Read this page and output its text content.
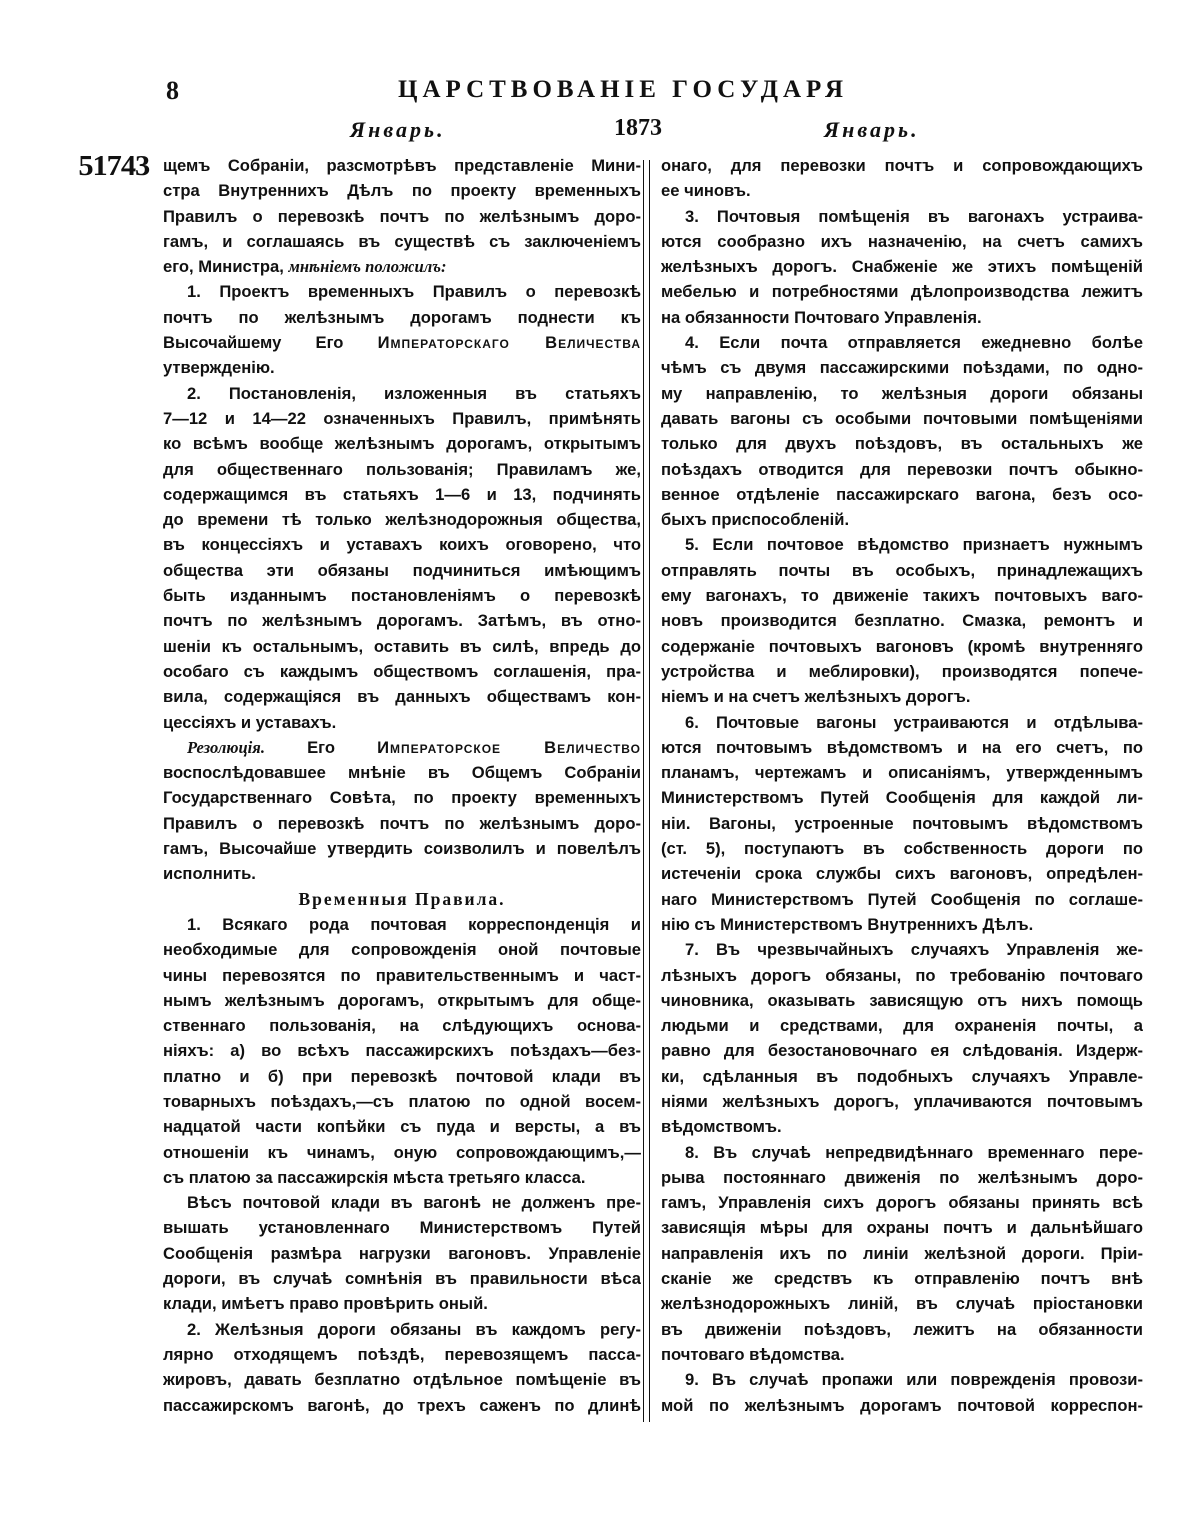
8	ЦАРСТВОВАНІЕ ГОСУДАРЯ
Январь.	1873	Январь.
51743 щемъ Собраніи, разсмотрѣвъ представленіе Мини-
стра Внутреннихъ Дѣлъ по проекту временныхъ
Правилъ о перевозкѣ почтъ по желѣзнымъ доро-
гамъ, и соглашаясь въ существѣ съ заключеніемъ
его, Министра, мнѣніемъ положилъ:
1. Проектъ временныхъ Правилъ о перевозкѣ
почтъ по желѣзнымъ дорогамъ поднести къ
Высочайшему Его Императорскаго Величества
утвержденію.
2. Постановленія, изложенныя въ статьяхъ
7—12 и 14—22 означенныхъ Правилъ, примѣнять
ко всѣмъ вообще желѣзнымъ дорогамъ, открытымъ
для общественнаго пользованія; Правиламъ же,
содержащимся въ статьяхъ 1—6 и 13, подчинять
до времени тѣ только желѣзнодорожныя общества,
въ концессіяхъ и уставахъ коихъ оговорено, что
общества эти обязаны подчиниться имѣющимъ
быть изданнымъ постановленіямъ о перевозкѣ
почтъ по желѣзнымъ дорогамъ. Затѣмъ, въ отно-
шеніи къ остальнымъ, оставить въ силѣ, впредь до
особаго съ каждымъ обществомъ соглашенія, пра-
вила, содержащіяся въ данныхъ обществамъ кон-
цессіяхъ и уставахъ.
Резолюція. Его Императорское Величество
воспослѣдовавшее мнѣніе въ Общемъ Собраніи
Государственнаго Совѣта, по проекту временныхъ
Правилъ о перевозкѣ почтъ по желѣзнымъ доро-
гамъ, Высочайше утвердить соизволилъ и повелѣлъ
исполнить.
Временныя Правила.
1. Всякаго рода почтовая корреспонденція и
необходимые для сопровожденія оной почтовые
чины перевозятся по правительственнымъ и част-
нымъ желѣзнымъ дорогамъ, открытымъ для обще-
ственнаго пользованія, на слѣдующихъ основа-
ніяхъ: а) во всѣхъ пассажирскихъ поѣздахъ—без-
платно и б) при перевозкѣ почтовой клади въ
товарныхъ поѣздахъ,—съ платою по одной восем-
надцатой части копѣйки съ пуда и версты, а въ
отношеніи къ чинамъ, оную сопровождающимъ,—
съ платою за пассажирскія мѣста третьяго класса.
Вѣсъ почтовой клади въ вагонѣ не долженъ пре-
вышать установленнаго Министерствомъ Путей
Сообщенія размѣра нагрузки вагоновъ. Управленіе
дороги, въ случаѣ сомнѣнія въ правильности вѣса
клади, имѣетъ право провѣрить оный.
2. Желѣзныя дороги обязаны въ каждомъ регу-
лярно отходящемъ поѣздѣ, перевозящемъ пасса-
жировъ, давать безплатно отдѣльное помѣщеніе въ
пассажирскомъ вагонѣ, до трехъ саженъ по длинѣ
онаго, для перевозки почтъ и сопровождающихъ
ее чиновъ.
3. Почтовыя помѣщенія въ вагонахъ устраива-
ются сообразно ихъ назначенію, на счетъ самихъ
желѣзныхъ дорогъ. Снабженіе же этихъ помѣщеній
мебелью и потребностями дѣлопроизводства лежитъ
на обязанности Почтоваго Управленія.
4. Если почта отправляется ежедневно болѣе
чѣмъ съ двумя пассажирскими поѣздами, по одно-
му направленію, то желѣзныя дороги обязаны
давать вагоны съ особыми почтовыми помѣщеніями
только для двухъ поѣздовъ, въ остальныхъ же
поѣздахъ отводится для перевозки почтъ обыкно-
венное отдѣленіе пассажирскаго вагона, безъ осо-
быхъ приспособленій.
5. Если почтовое вѣдомство признаетъ нужнымъ
отправлять почты въ особыхъ, принадлежащихъ
ему вагонахъ, то движеніе такихъ почтовыхъ ваго-
новъ производится безплатно. Смазка, ремонтъ и
содержаніе почтовыхъ вагоновъ (кромѣ внутренняго
устройства и меблировки), производятся попече-
ніемъ и на счетъ желѣзныхъ дорогъ.
6. Почтовые вагоны устраиваются и отдѣлыва-
ются почтовымъ вѣдомствомъ и на его счетъ, по
планамъ, чертежамъ и описаніямъ, утвержденнымъ
Министерствомъ Путей Сообщенія для каждой ли-
ніи. Вагоны, устроенные почтовымъ вѣдомствомъ
(ст. 5), поступаютъ въ собственность дороги по
истеченіи срока службы сихъ вагоновъ, опредѣлен-
наго Министерствомъ Путей Сообщенія по соглаше-
нію съ Министерствомъ Внутреннихъ Дѣлъ.
7. Въ чрезвычайныхъ случаяхъ Управленія же-
лѣзныхъ дорогъ обязаны, по требованію почтоваго
чиновника, оказывать зависящую отъ нихъ помощь
людьми и средствами, для охраненія почты, а
равно для безостановочнаго ея слѣдованія. Издерж-
ки, сдѣланныя въ подобныхъ случаяхъ Управле-
ніями желѣзныхъ дорогъ, уплачиваются почтовымъ
вѣдомствомъ.
8. Въ случаѣ непредвидѣннаго временнаго пере-
рыва постояннаго движенія по желѣзнымъ доро-
гамъ, Управленія сихъ дорогъ обязаны принять всѣ
зависящія мѣры для охраны почтъ и дальнѣйшаго
направленія ихъ по линіи желѣзной дороги. Пріи-
сканіе же средствъ къ отправленію почтъ внѣ
желѣзнодорожныхъ линій, въ случаѣ пріостановки
въ движеніи поѣздовъ, лежитъ на обязанности
почтоваго вѣдомства.
9. Въ случаѣ пропажи или поврежденія провози-
мой по желѣзнымъ дорогамъ почтовой корреспон-
